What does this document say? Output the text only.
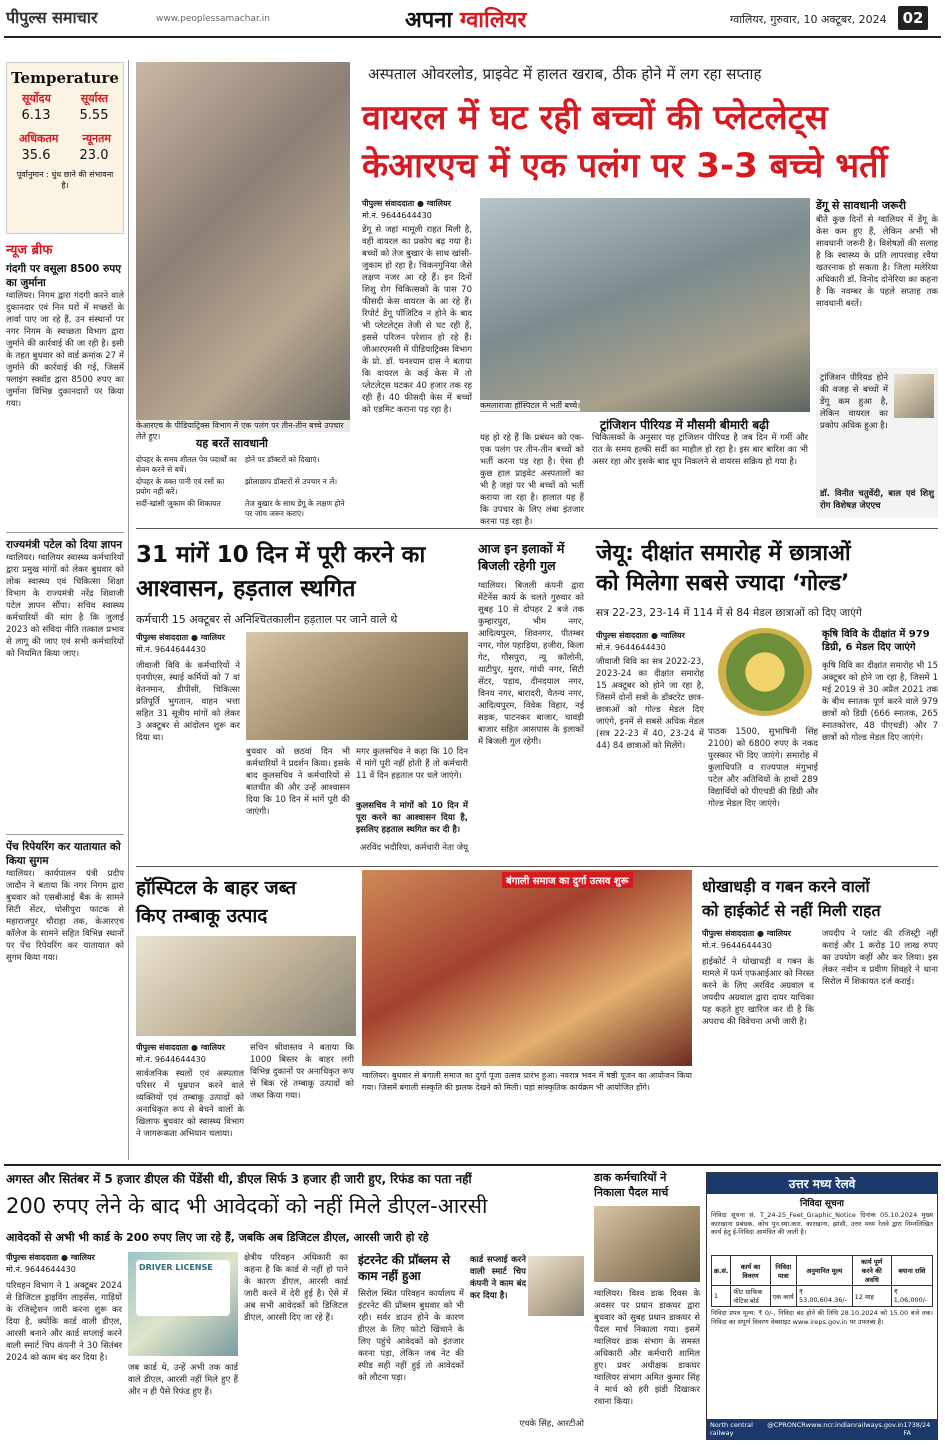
पीपुल्स समाचार	www.peoplessamachar.in	अपना ग्वालियर	ग्वालियर, गुरुवार, 10 अक्टूबर, 2024	02
Temperature
सूर्योदय	सूर्यास्त
6.13 5.55
अधिकतम न्यूनतम
35.6 23.0
पूर्वानुमान : धुंध छाने की संभावना है।
न्यूज ब्रीफ
गंदगी पर वसूला 8500 रुपए का जुर्माना
ग्वालियर। निगम द्वारा गंदगी करने वाले दुकानदार एवं निन घरों में मच्छरों के लार्वा पाए जा रहे हैं, उन संस्थानों पर नगर निगम के स्वच्छता विभाग द्वारा जुर्माने की कार्रवाई की जा रही है। इसी के तहत बुधवार को वार्ड क्रमांक 27 में जुर्माने की कार्रवाई की गई, जिसमें फ्लाइंग स्क्वॉड द्वारा 8500 रुपए का जुर्माना विभिन्न दुकानदारों पर किया गया।
राज्यमंत्री पटेल को दिया ज्ञापन
ग्वालियर। ग्वालियर स्वास्थ्य कर्मचारियों द्वारा प्रमुख मांगों को लेकर बुधवार को लोक स्वास्थ्य एवं चिकित्सा शिक्षा विभाग के राज्यमंत्री नरेंद्र शिवाजी पटेल ज्ञापन सौंपा। सचिव स्वास्थ्य कर्मचारियों की मांग है कि जुलाई 2023 को संविदा नीति तत्काल प्रभाव से लागू की जाए एवं सभी कर्मचारियों को नियमित किया जाए।
पेंच रिपेयरिंग कर यातायात को किया सुगम
ग्वालियर। कार्यपालन यंत्री प्रदीप जादौन ने बताया कि नगर निगम द्वारा बुधवार को एसबीआई बैंक के सामने सिटी सेंटर, घोसीपुरा फाटक से महाराजपुर चौराहा तक, केआरएच कॉलेज के सामने सहित विभिन्न स्थानों पर पेंच रिपेयरिंग कर यातायात को सुगम किया गया।
केआरएच के पीडियाट्रिक्स विभाग में एक पलंग पर तीन-तीन बच्चे उपचार लेते हुए।
अस्पताल ओवरलोड, प्राइवेट में हालत खराब, ठीक होने में लग रहा सप्ताह
वायरल में घट रही बच्चों की प्लेटलेट्स
केआरएच में एक पलंग पर 3-3 बच्चे भर्ती
पीपुल्स संवाददाता ● ग्वालियर
मो.नं. 9644644430
डेंगू से जहां मामूली राहत मिली है, वहीं वायरल का प्रकोप बढ़ गया है। बच्चों को तेज बुखार के साथ खांसी-जुकाम हो रहा है। चिकनगुनिया जैसे लक्षण नजर आ रहे हैं। इन दिनों शिशु रोग चिकित्सकों के पास 70 फीसदी केस वायरल के आ रहे हैं। रिपोर्ट डेंगू पॉजिटिव न होने के बाद भी प्लेटलेट्स तेजी से घट रही हैं, इससे परिजन परेशान हो रहे हैं। जीआरएमसी में पीडियाट्रिक्स विभाग के प्रो. डॉ. घनश्याम दास ने बताया कि वायरल के कई केस में तो प्लेटलेट्स घटकर 40 हजार तक रह रही हैं। 40 फीसदी केस में बच्चों को एडमिट कराना पड़ रहा है।	कमलाराजा हॉस्पिटल में भर्ती बच्चे।
डेंगू से सावधानी जरूरी
बीते कुछ दिनों से ग्वालियर में डेंगू के केस कम हुए हैं, लेकिन अभी भी सावधानी जरूरी है। विशेषज्ञों की सलाह है कि स्वास्थ्य के प्रति लापरवाह रवैया खतरनाक हो सकता है। जिला मलेरिया अधिकारी डॉ. विनोद दोनेरिया का कहना है कि नवम्बर के पहले सप्ताह तक सावधानी बरतें।
ट्रांजिशन पीरियड होने की वजह से बच्चों में डेंगू कम हुआ है, लेकिन वायरल का प्रकोप अधिक हुआ है।
डॉ. विनीत चतुर्वेदी, बाल एवं शिशु रोग विशेषज्ञ जेएएच
ट्रांजिशन पीरियड में मौसमी बीमारी बढ़ी
यह हो रहे हैं कि प्रबंधन को एक-एक पलंग पर तीन-तीन बच्चों को भर्ती करना पड़ रहा है। ऐसा ही कुछ हाल प्राइवेट अस्पतालों का भी है जहां पर भी बच्चों को भर्ती कराया जा रहा है। हालात यह हैं कि उपचार के लिए लंबा इंतजार करना पड़ रहा है।
चिकित्सकों के अनुसार यह ट्रांजिशन पीरियड है जब दिन में गर्मी और रात के समय हल्की सर्दी का माहौल हो रहा है। इस बार बारिश का भी असर रहा और इसके बाद धूप निकलने से वायरस सक्रिय हो गया है।
यह बरतें सावधानी
दोपहर के समय शीतल पेय पदार्थों का सेवन करने से बचें।
होने पर डॉक्टरों को दिखाएं।
दोपहर के वक्त पानी एवं रसों का प्रयोग नहीं करें।
झोलाछाप डॉक्टरों से उपचार न लें।
सर्दी-खांसी जुकाम की शिकायत	तेज बुखार के साथ डेंगू के लक्षण होने पर जांच जरूर कराएं।
31 मांगें 10 दिन में पूरी करने का
आश्वासन, हड़ताल स्थगित
कर्मचारी 15 अक्टूबर से अनिश्चितकालीन हड़ताल पर जाने वाले थे
पीपुल्स संवाददाता ● ग्वालियर
मो.नं. 9644644430
जीवाजी विवि के कर्मचारियों ने एनपीएस, स्थाई कर्मियों को 7 वां वेतनमान, डीपीसी, चिकित्सा प्रतिपूर्ति भुगतान, वाहन भत्ता सहित 31 सूत्रीय मांगों को लेकर 3 अक्टूबर से आंदोलन शुरू कर दिया था।
बुधवार को छठवां दिन भी कर्मचारियों ने प्रदर्शन किया। इसके बाद कुलसचिव ने कर्मचारियों से बातचीत की और उन्हें आश्वासन दिया कि 10 दिन में मांगें पूरी की जाएंगी।
मगर कुलसचिव ने कहा कि 10 दिन में मांगें पूरी नहीं होती हैं तो कर्मचारी 11 वें दिन हड़ताल पर चले जाएंगे।
कुलसचिव ने मांगों को 10 दिन में पूरा करने का आश्वासन दिया है, इसलिए हड़ताल स्थगित कर दी है।
अरविंद भदौरिया, कर्मचारी नेता जेयू
आज इन इलाकों में बिजली रहेगी गुल
ग्वालियर। बिजली कंपनी द्वारा मेंटेनेंस कार्य के चलते गुरुवार को सुबह 10 से दोपहर 2 बजे तक कुम्हारपुरा, भीम नगर, आदित्यपुरम, शिवनगर, पीतम्बर नगर, गोल पहाड़िया, हजीरा, किला गेट, गौसपुरा, न्यू कॉलोनी, थाटीपुर, मुरार, गांधी नगर, सिटी सेंटर, पड़ाव, दीनदयाल नगर, विनय नगर, बारादरी, चैतन्य नगर, आदित्यपुरम, विवेक विहार, नई सड़क, पाटनकर बाजार, चावड़ी बाजार सहित आसपास के इलाकों में बिजली गुल रहेगी।
जेयू: दीक्षांत समारोह में छात्राओं
को मिलेगा सबसे ज्यादा ‘गोल्ड’
सत्र 22-23, 23-14 में 114 में से 84 मेडल छात्राओं को दिए जाएंगे
पीपुल्स संवाददाता ● ग्वालियर
मो.नं. 9644644430
जीवाजी विवि का सत्र 2022-23, 2023-24 का दीक्षांत समारोह 15 अक्टूबर को होने जा रहा है, जिसमें दोनों सत्रों के डॉक्टरेट छात्र-छात्राओं को गोल्ड मेडल दिए जाएंगे, इनमें से सबसे अधिक मेडल (सत्र 22-23 में 40, 23-24 में 44) 84 छात्राओं को मिलेंगे।
पाठक 1500, सुभाषिनी सिंह 2100) को 6800 रुपए के नकद पुरस्कार भी दिए जाएंगे। समारोह में कुलाधिपति व राज्यपाल मंगुभाई पटेल और अतिथियों के हाथों 289 विद्यार्थियों को पीएचडी की डिग्री और गोल्ड मेडल दिए जाएंगे।
कृषि विवि के दीक्षांत में 979 डिग्री, 6 मेडल दिए जाएंगे
कृषि विवि का दीक्षांत समारोह भी 15 अक्टूबर को होने जा रहा है, जिसमें 1 मई 2019 से 30 अप्रैल 2021 तक के बीच स्नातक पूर्ण करने वाले 979 छात्रों को डिग्री (666 स्नातक, 265 स्नातकोत्तर, 48 पीएचडी) और 7 छात्रों को गोल्ड मेडल दिए जाएंगे।
हॉस्पिटल के बाहर जब्त
किए तम्बाकू उत्पाद
पीपुल्स संवाददाता ● ग्वालियर
मो.नं. 9644644430
सार्वजनिक स्थलों एवं अस्पताल परिसर में धूम्रपान करने वाले व्यक्तियों एवं तम्बाकू उत्पादों को अनाधिकृत रूप से बेचने वालों के खिलाफ बुधवार को स्वास्थ्य विभाग ने जागरूकता अभियान चलाया।
सचिन श्रीवास्तव ने बताया कि 1000 बिस्तर के बाहर लगी विभिन्न दुकानों पर अनाधिकृत रूप से बिक रहे तम्बाकू उत्पादों को जब्त किया गया।
बंगाली समाज का दुर्गा उत्सव शुरू
ग्वालियर। बुधवार से बंगाली समाज का दुर्गा पूजा उत्सव प्रारंभ हुआ। नवरात्र भवन में षष्ठी पूजन का आयोजन किया गया। जिसमें बंगाली संस्कृति की झलक देखने को मिली। यहां सांस्कृतिक कार्यक्रम भी आयोजित होंगे।
धोखाधड़ी व गबन करने वालों
को हाईकोर्ट से नहीं मिली राहत
पीपुल्स संवाददाता ● ग्वालियर
मो.नं. 9644644430
हाईकोर्ट ने धोखाधड़ी व गबन के मामले में फर्म एफआईआर को निरस्त करने के लिए अरविंद अग्रवाल व जयदीप अग्रवाल द्वारा दायर याचिका यह कहते हुए खारिज कर दी है कि अपराध की विवेचना अभी जारी है।
जयदीप ने प्लांट की रजिस्ट्री नहीं कराई और 1 करोड़ 10 लाख रुपए का उपयोग कहीं और कर लिया। इस लेकर नवीन व प्रवीण शिवहरे ने थाना सिरोल में शिकायत दर्ज कराई।
अगस्त और सितंबर में 5 हजार डीएल की पेंडेंसी थी, डीएल सिर्फ 3 हजार ही जारी हुए, रिफंड का पता नहीं
200 रुपए लेने के बाद भी आवेदकों को नहीं मिले डीएल-आरसी
आवेदकों से अभी भी कार्ड के 200 रुपए लिए जा रहे हैं, जबकि अब डिजिटल डीएल, आरसी जारी हो रहे
पीपुल्स संवाददाता ● ग्वालियर
मो.नं. 9644644430
परिवहन विभाग ने 1 अक्टूबर 2024 से डिजिटल ड्राइविंग लाइसेंस, गाड़ियों के रजिस्ट्रेशन जारी करना शुरू कर दिया है, क्योंकि कार्ड वाली डीएल, आरसी बनाने और कार्ड सप्लाई करने वाली स्मार्ट चिप कंपनी ने 30 सितंबर 2024 को काम बंद कर दिया है।
DRIVER LICENSE
जब कार्ड थे, उन्हें अभी तक कार्ड वाले डीएल, आरसी नहीं मिले हुए हैं और न ही पैसे रिफंड हुए हैं।
क्षेत्रीय परिवहन अधिकारी का कहना है कि कार्ड से नहीं हो पाने के कारण डीएल, आरसी कार्ड जारी करने में देरी हुई है। ऐसे में अब सभी आवेदकों को डिजिटल डीएल, आरसी दिए जा रहे हैं।
इंटरनेट की प्रॉब्लम से काम नहीं हुआ
सिरोल स्थित परिवहन कार्यालय में इंटरनेट की प्रॉब्लम बुधवार को भी रही। सर्वर डाउन होने के कारण डीएल के लिए फोटो खिंचाने के लिए पहुंचे आवेदकों को इंतजार करना पड़ा, लेकिन जब नेट की स्पीड सही नहीं हुई तो आवेदकों को लौटना पड़ा।
कार्ड सप्लाई करने वाली स्मार्ट चिप कंपनी ने काम बंद कर दिया है।
एचके सिंह, आरटीओ
डाक कर्मचारियों ने निकाला पैदल मार्च
ग्वालियर। विश्व डाक दिवस के अवसर पर प्रधान डाकघर द्वारा बुधवार को सुबह प्रधान डाकघर से पैदल मार्च निकाला गया। इसमें ग्वालियर डाक संभाग के समस्त अधिकारी और कर्मचारी शामिल हुए। प्रवर अधीक्षक डाकघर ग्वालियर संभाग अमित कुमार सिंह ने मार्च को हरी झंडी दिखाकर रवाना किया।
उत्तर मध्य रेलवे
निविदा सूचना
निविदा सूचना सं. T_24-25_Feet_Graphic_Notice दिनांक 05.10.2024 मुख्य कारखाना प्रबंधक, कोच पुन.स्था.कार. कारखाना, झांसी, उत्तर मध्य रेलवे द्वारा निम्नलिखित कार्य हेतु ई-निविदा आमंत्रित की जाती है।
क्र.सं.	कार्य का विवरण	निविदा मात्रा	अनुमानित मूल्य	कार्य पूर्ण करने की अवधि	बयाना राशि
1	फीट ग्राफिक नोटिस बोर्ड	एक कार्य	₹ 53,00,604.36/-	12 माह	₹ 1,06,000/-
निविदा प्रपत्र मूल्य: ₹ 0/-, निविदा बंद होने की तिथि 28.10.2024 को 15.00 बजे तक। निविदा का संपूर्ण विवरण वेबसाइट www.ireps.gov.in पर उपलब्ध है।
North central railway
@CPRONCR www.ncr.indianrailways.gov.in 1738/24 FA
